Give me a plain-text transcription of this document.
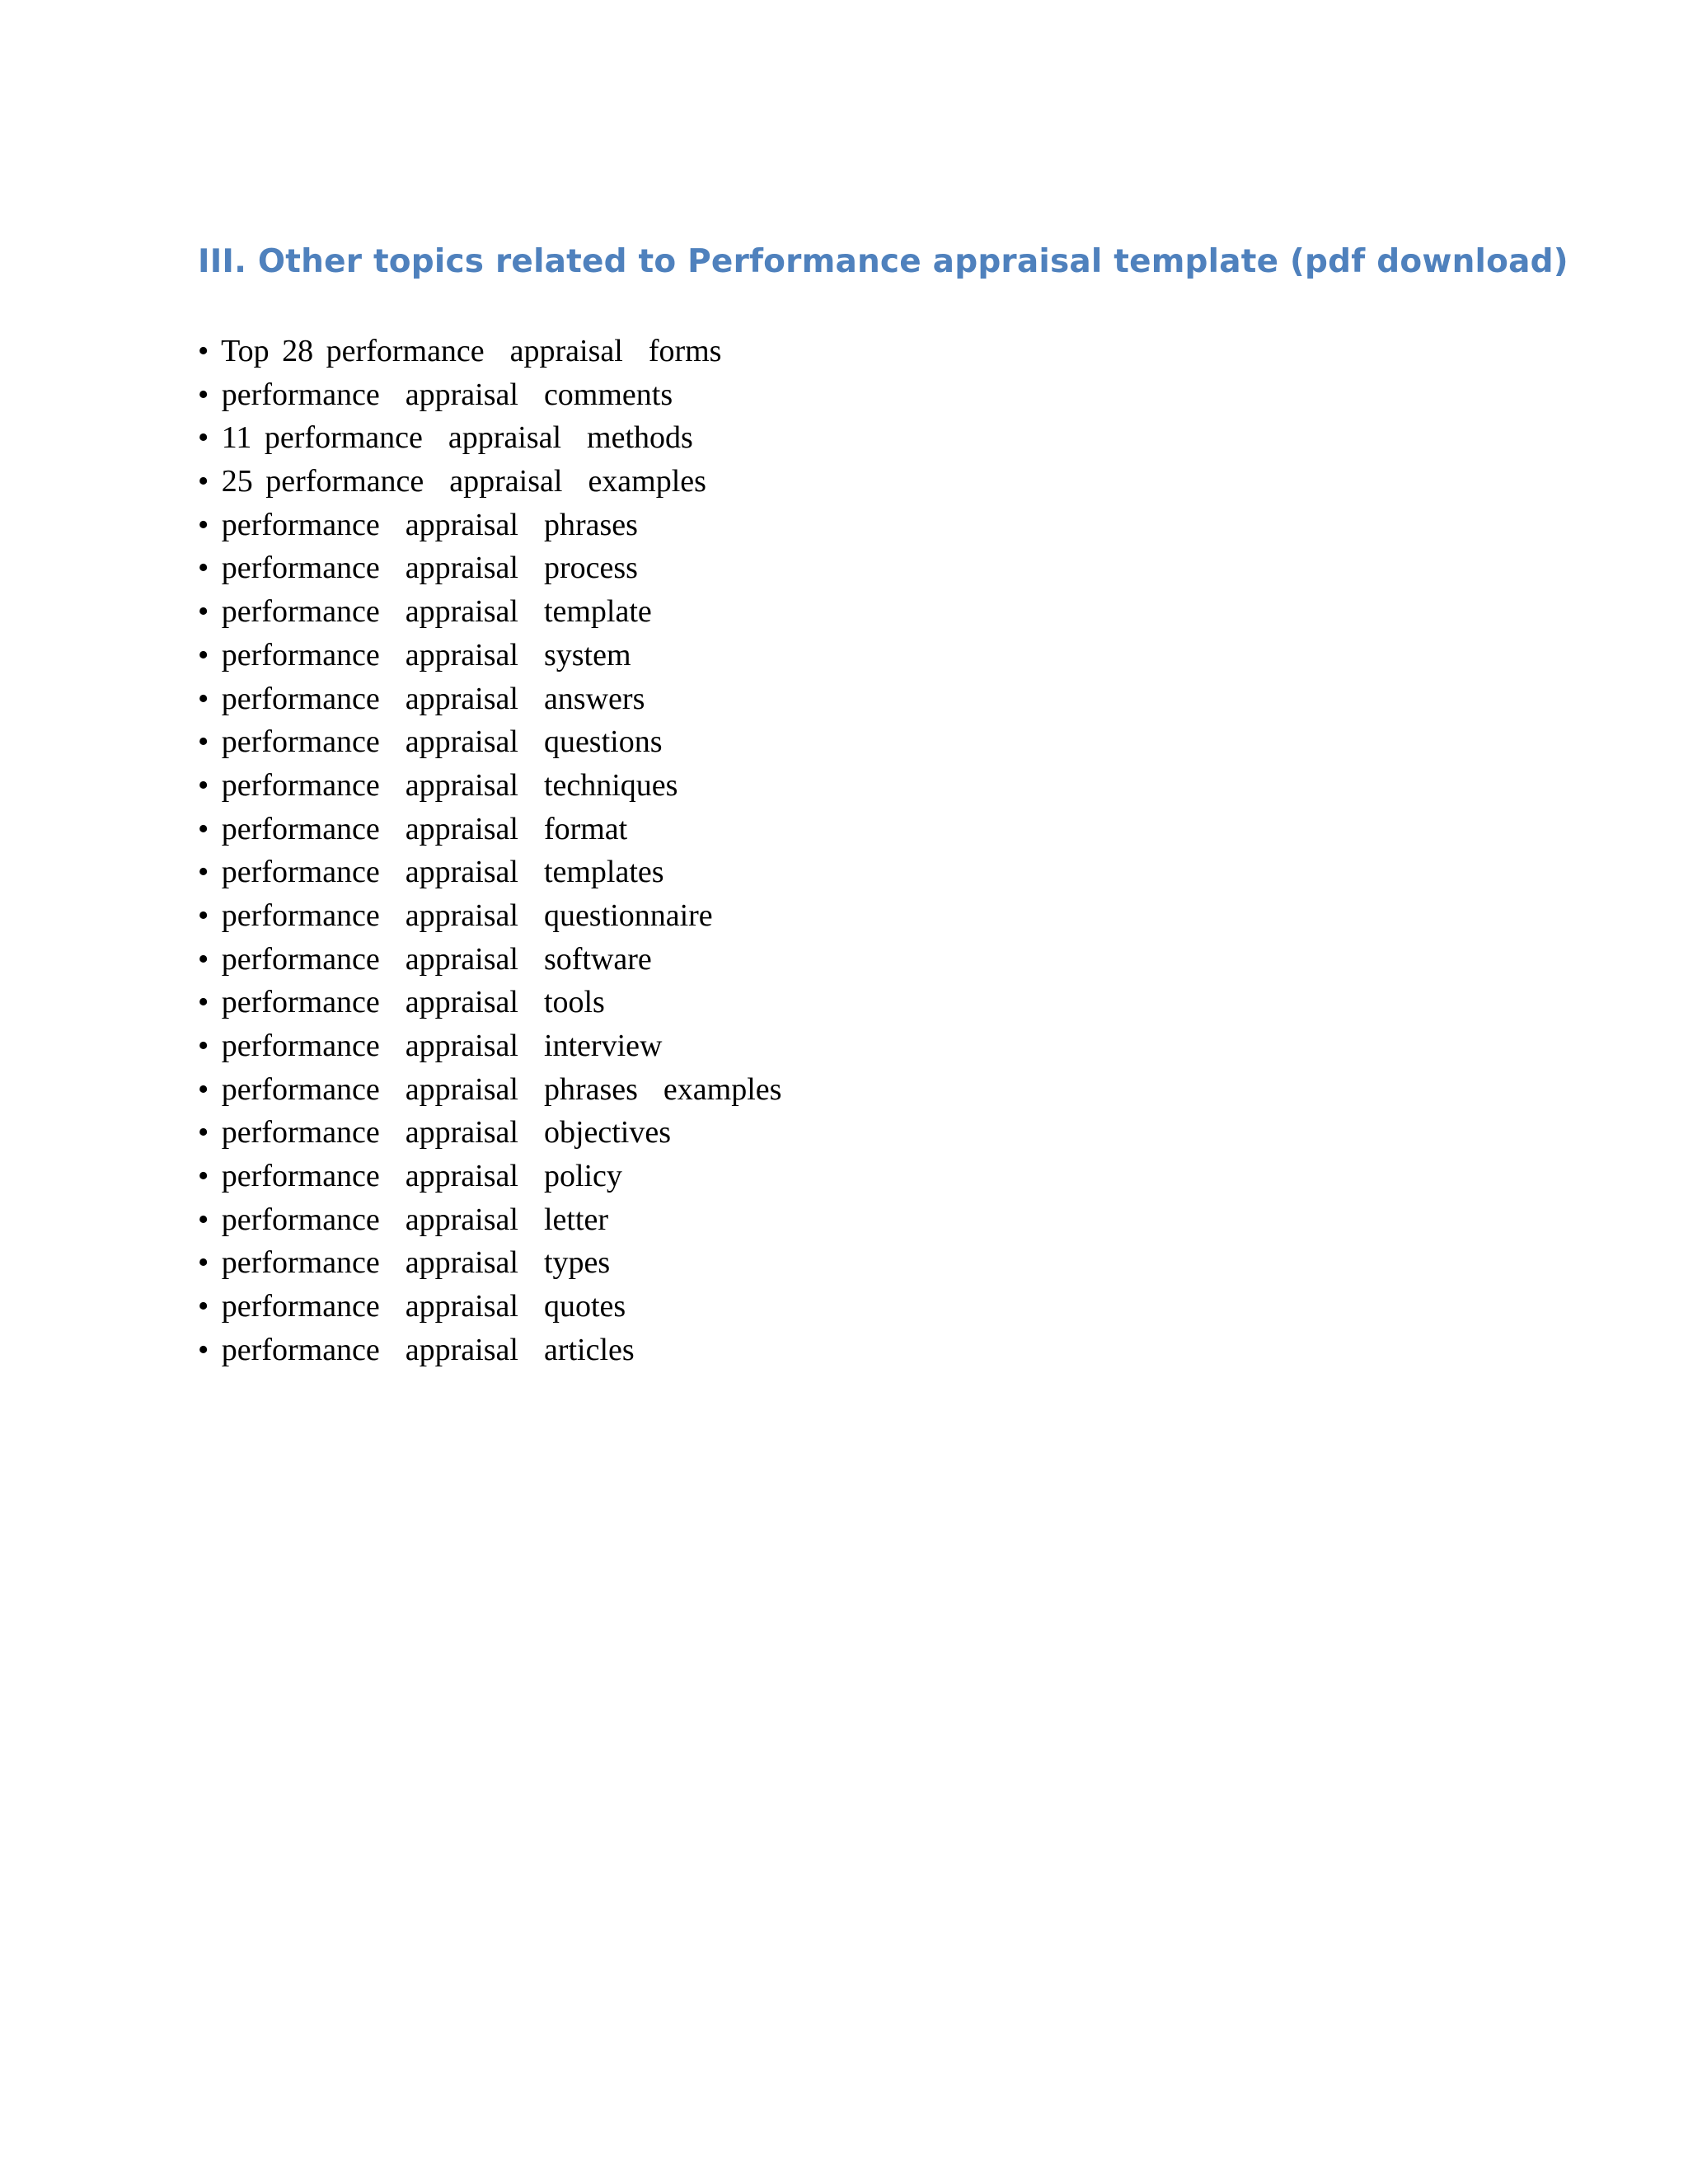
III. Other topics related to Performance appraisal template (pdf download)
• Top 28 performance  appraisal  forms
• performance  appraisal  comments
• 11 performance  appraisal  methods
• 25 performance  appraisal  examples
• performance  appraisal  phrases
• performance  appraisal  process
• performance  appraisal  template
• performance  appraisal  system
• performance  appraisal  answers
• performance  appraisal  questions
• performance  appraisal  techniques
• performance  appraisal  format
• performance  appraisal  templates
• performance  appraisal  questionnaire
• performance  appraisal  software
• performance  appraisal  tools
• performance  appraisal  interview
• performance  appraisal  phrases  examples
• performance  appraisal  objectives
• performance  appraisal  policy
• performance  appraisal  letter
• performance  appraisal  types
• performance  appraisal  quotes
• performance  appraisal  articles
